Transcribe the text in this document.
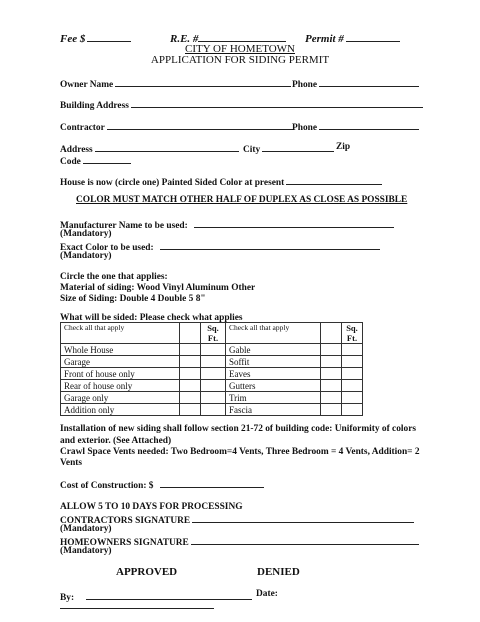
Fee $	R.E. #	Permit #
CITY OF HOMETOWN
APPLICATION FOR SIDING PERMIT
Owner Name	Phone
Building Address
Contractor	Phone
Address	City	Zip
Code
House is now (circle one) Painted Sided Color at present
COLOR MUST MATCH OTHER HALF OF DUPLEX AS CLOSE AS POSSIBLE
Manufacturer Name to be used:
(Mandatory)
Exact Color to be used:
(Mandatory)
Circle the one that applies:
Material of siding: Wood Vinyl Aluminum Other
Size of Siding: Double 4 Double 5 8"
What will be sided: Please check what applies
Check all that apply		Sq. Ft.	Check all that apply		Sq. Ft.
Whole House			Gable		
Garage			Soffit		
Front of house only			Eaves		
Rear of house only			Gutters		
Garage only			Trim		
Addition only			Fascia		
Installation of new siding shall follow section 21-72 of building code: Uniformity of colors
and exterior. (See Attached)
Crawl Space Vents needed: Two Bedroom=4 Vents, Three Bedroom = 4 Vents, Addition= 2
Vents
Cost of Construction: $
ALLOW 5 TO 10 DAYS FOR PROCESSING
CONTRACTORS SIGNATURE
(Mandatory)
HOMEOWNERS SIGNATURE
(Mandatory)
APPROVED	DENIED
By:	Date:
